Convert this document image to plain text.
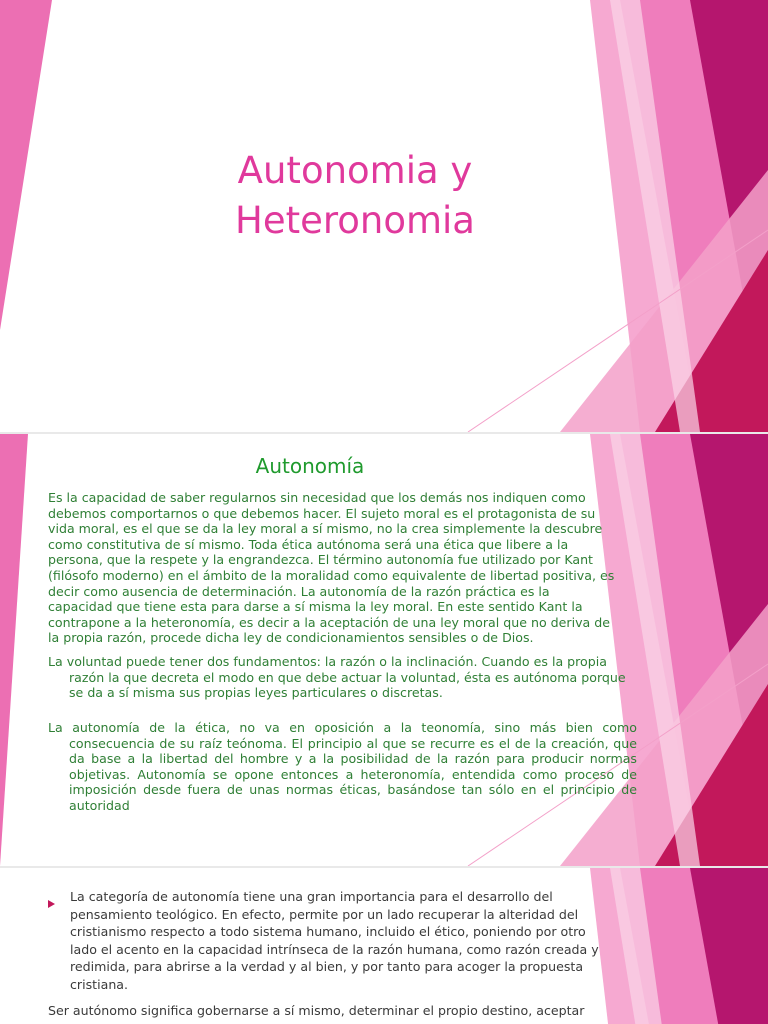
Autonomia y
Heteronomia
Autonomía

Es la capacidad de saber regularnos sin necesidad que los demás nos indiquen como debemos comportarnos o que debemos hacer. El sujeto moral es el protagonista de su vida moral, es el que se da la ley moral a sí mismo, no la crea simplemente la descubre como constitutiva de sí mismo. Toda ética autónoma será una ética que libere a la persona, que la respete y la engrandezca. El término autonomía fue utilizado por Kant (filósofo moderno) en el ámbito de la moralidad como equivalente de libertad positiva, es decir como ausencia de determinación. La autonomía de la razón práctica es la capacidad que tiene esta para darse a sí misma la ley moral. En este sentido Kant la contrapone a la heteronomía, es decir a la aceptación de una ley moral que no deriva de la propia razón, procede dicha ley de condicionamientos sensibles o de Dios.

La voluntad puede tener dos fundamentos: la razón o la inclinación. Cuando es la propia razón la que decreta el modo en que debe actuar la voluntad, ésta es autónoma porque se da a sí misma sus propias leyes particulares o discretas.

La autonomía de la ética, no va en oposición a la teonomía, sino más bien como consecuencia de su raíz teónoma. El principio al que se recurre es el de la creación, que da base a la libertad del hombre y a la posibilidad de la razón para producir normas objetivas. Autonomía se opone entonces a heteronomía, entendida como proceso de imposición desde fuera de unas normas éticas, basándose tan sólo en el principio de autoridad

La categoría de autonomía tiene una gran importancia para el desarrollo del pensamiento teológico. En efecto, permite por un lado recuperar la alteridad del cristianismo respecto a todo sistema humano, incluido el ético, poniendo por otro lado el acento en la capacidad intrínseca de la razón humana, como razón creada y redimida, para abrirse a la verdad y al bien, y por tanto para acoger la propuesta cristiana.

Ser autónomo significa gobernarse a sí mismo, determinar el propio destino, aceptar
